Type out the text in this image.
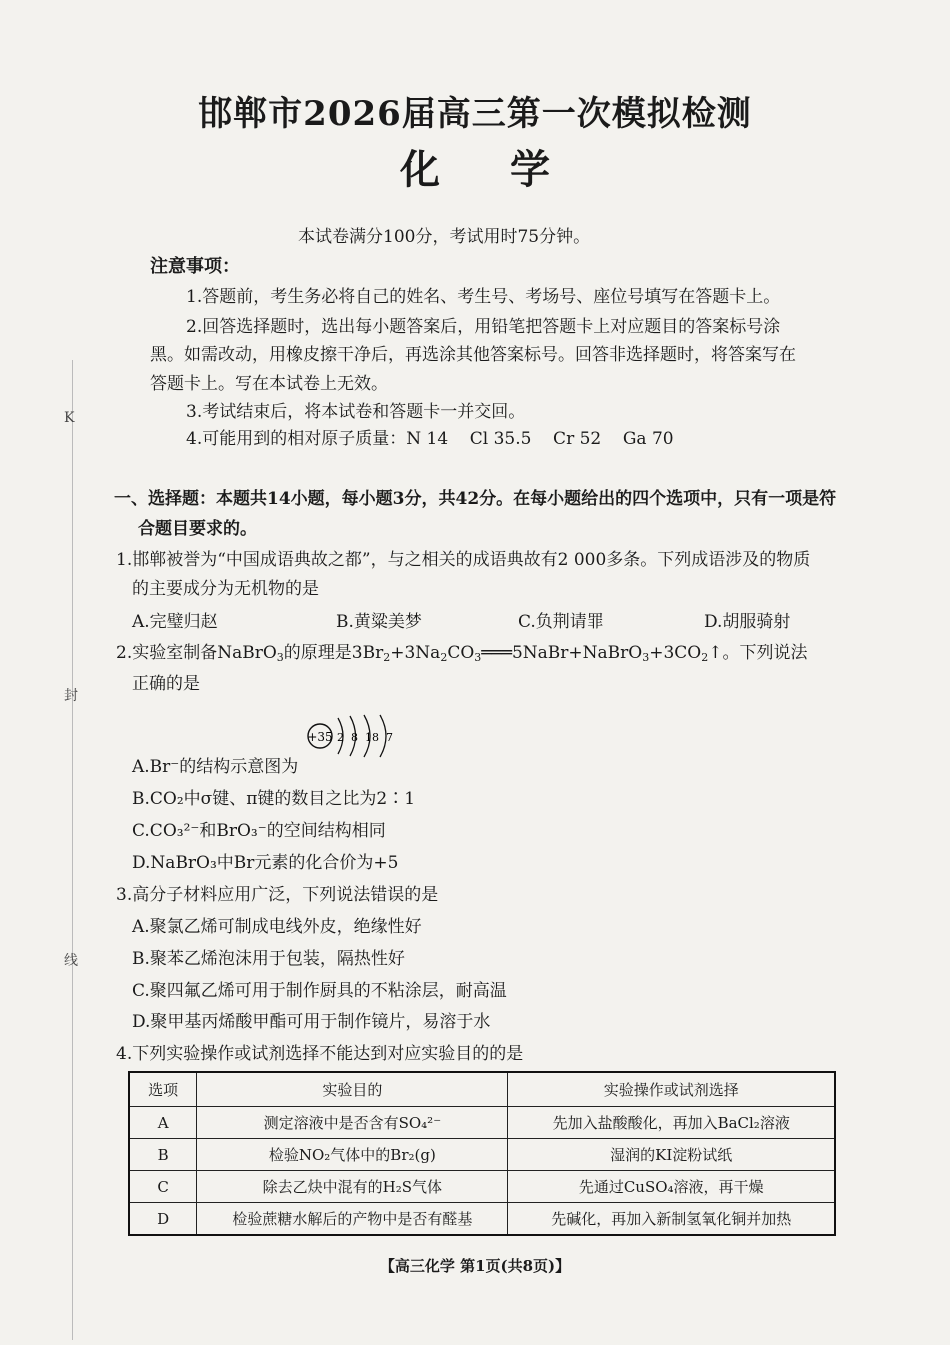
K
封
线
邯郸市2026届高三第一次模拟检测
化学
本试卷满分100分，考试用时75分钟。
注意事项：
1.答题前，考生务必将自己的姓名、考生号、考场号、座位号填写在答题卡上。
2.回答选择题时，选出每小题答案后，用铅笔把答题卡上对应题目的答案标号涂
黑。如需改动，用橡皮擦干净后，再选涂其他答案标号。回答非选择题时，将答案写在
答题卡上。写在本试卷上无效。
3.考试结束后，将本试卷和答题卡一并交回。
4.可能用到的相对原子质量：N 14    Cl 35.5    Cr 52    Ga 70
一、选择题：本题共14小题，每小题3分，共42分。在每小题给出的四个选项中，只有一项是符
合题目要求的。
1.邯郸被誉为“中国成语典故之都”，与之相关的成语典故有2 000多条。下列成语涉及的物质
的主要成分为无机物的是
A.完璧归赵	B.黄粱美梦	C.负荆请罪	D.胡服骑射
2.实验室制备NaBrO$_3$的原理是$3Br_2+3Na_2CO_3═══5NaBr+NaBrO_3+3CO_2↑$。下列说法
正确的是
+35 2  8  18  7
A.Br⁻的结构示意图为
B.CO₂中σ键、π键的数目之比为2∶1
C.CO₃²⁻和BrO₃⁻的空间结构相同
D.NaBrO₃中Br元素的化合价为+5
3.高分子材料应用广泛，下列说法错误的是
A.聚氯乙烯可制成电线外皮，绝缘性好
B.聚苯乙烯泡沫用于包装，隔热性好
C.聚四氟乙烯可用于制作厨具的不粘涂层，耐高温
D.聚甲基丙烯酸甲酯可用于制作镜片，易溶于水
4.下列实验操作或试剂选择不能达到对应实验目的的是
选项	实验目的	实验操作或试剂选择
A	测定溶液中是否含有SO₄²⁻	先加入盐酸酸化，再加入BaCl₂溶液
B	检验NO₂气体中的Br₂(g)	湿润的KI淀粉试纸
C	除去乙炔中混有的H₂S气体	先通过CuSO₄溶液，再干燥
D	检验蔗糖水解后的产物中是否有醛基	先碱化，再加入新制氢氧化铜并加热
【高三化学 第1页(共8页)】
